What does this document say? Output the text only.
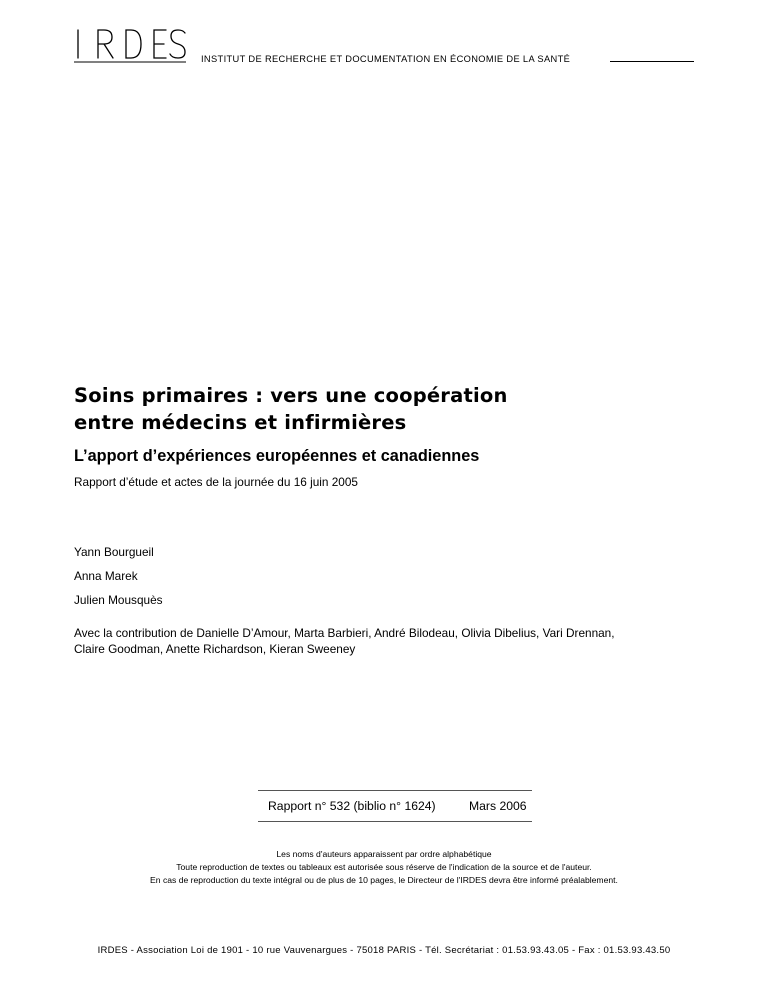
INSTITUT DE RECHERCHE ET DOCUMENTATION EN ÉCONOMIE DE LA SANTÉ
Soins primaires : vers une coopération
entre médecins et infirmières
L’apport d’expériences européennes et canadiennes
Rapport d’étude et actes de la journée du 16 juin 2005
Yann Bourgueil
Anna Marek
Julien Mousquès
Avec la contribution de Danielle D’Amour, Marta Barbieri, André Bilodeau, Olivia Dibelius, Vari Drennan,
Claire Goodman, Anette Richardson, Kieran Sweeney
Rapport n° 532 (biblio n° 1624)	Mars 2006
Les noms d'auteurs apparaissent par ordre alphabétique
Toute reproduction de textes ou tableaux est autorisée sous réserve de l'indication de la source et de l'auteur.
En cas de reproduction du texte intégral ou de plus de 10 pages, le Directeur de l'IRDES devra être informé préalablement.
IRDES - Association Loi de 1901 - 10 rue Vauvenargues - 75018 PARIS - Tél. Secrétariat : 01.53.93.43.05 - Fax : 01.53.93.43.50
